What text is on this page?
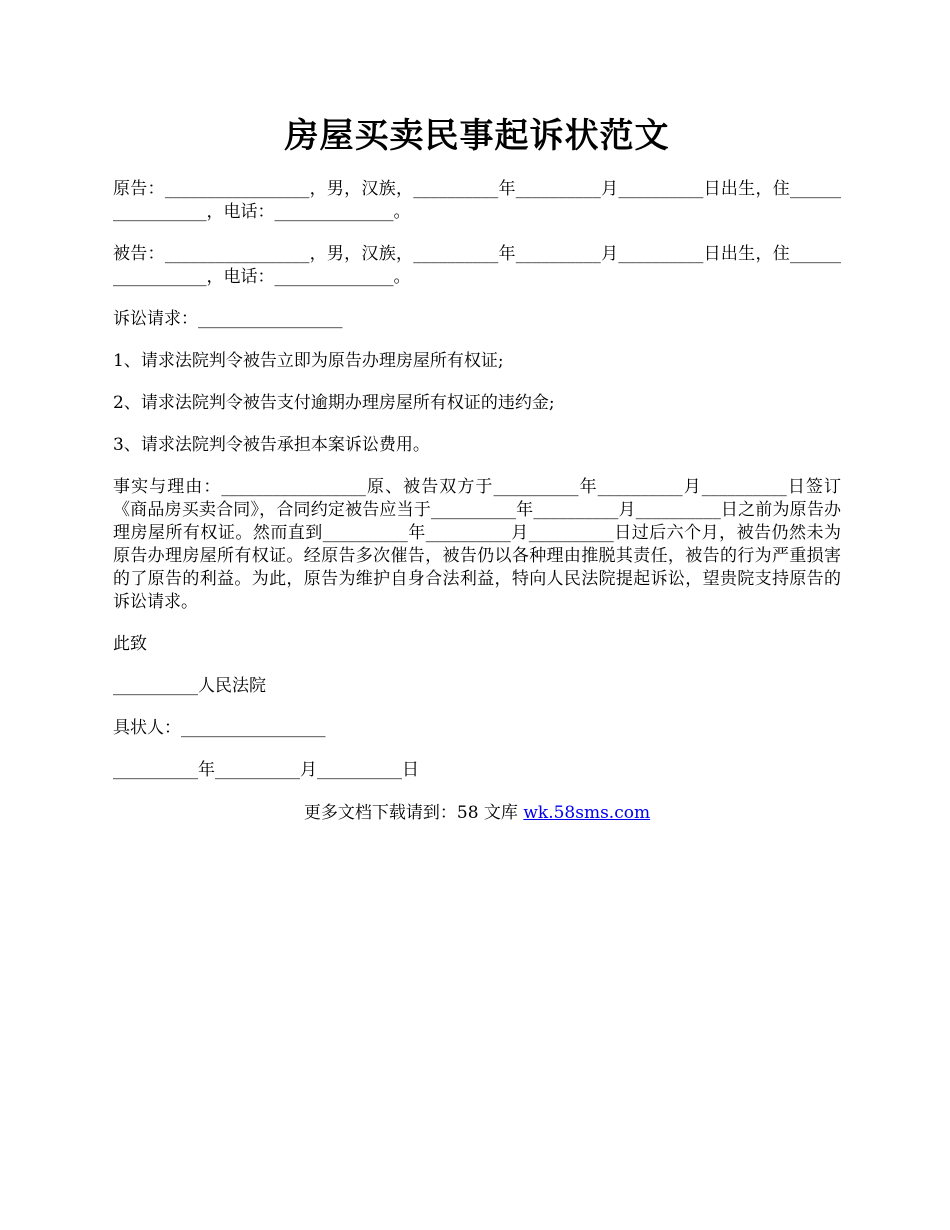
房屋买卖民事起诉状范文

原告：_________________，男，汉族，__________年__________月__________日出生，住_________________，电话：______________。

被告：_________________，男，汉族，__________年__________月__________日出生，住_________________，电话：______________。

诉讼请求：_________________

1、请求法院判令被告立即为原告办理房屋所有权证;

2、请求法院判令被告支付逾期办理房屋所有权证的违约金;

3、请求法院判令被告承担本案诉讼费用。

事实与理由：_________________原、被告双方于__________年__________月__________日签订《商品房买卖合同》，合同约定被告应当于__________年__________月__________日之前为原告办理房屋所有权证。然而直到__________年__________月__________日过后六个月，被告仍然未为原告办理房屋所有权证。经原告多次催告，被告仍以各种理由推脱其责任，被告的行为严重损害的了原告的利益。为此，原告为维护自身合法利益，特向人民法院提起诉讼，望贵院支持原告的诉讼请求。

此致

__________人民法院

具状人：_________________

__________年__________月__________日

更多文档下载请到：58 文库 wk.58sms.com
